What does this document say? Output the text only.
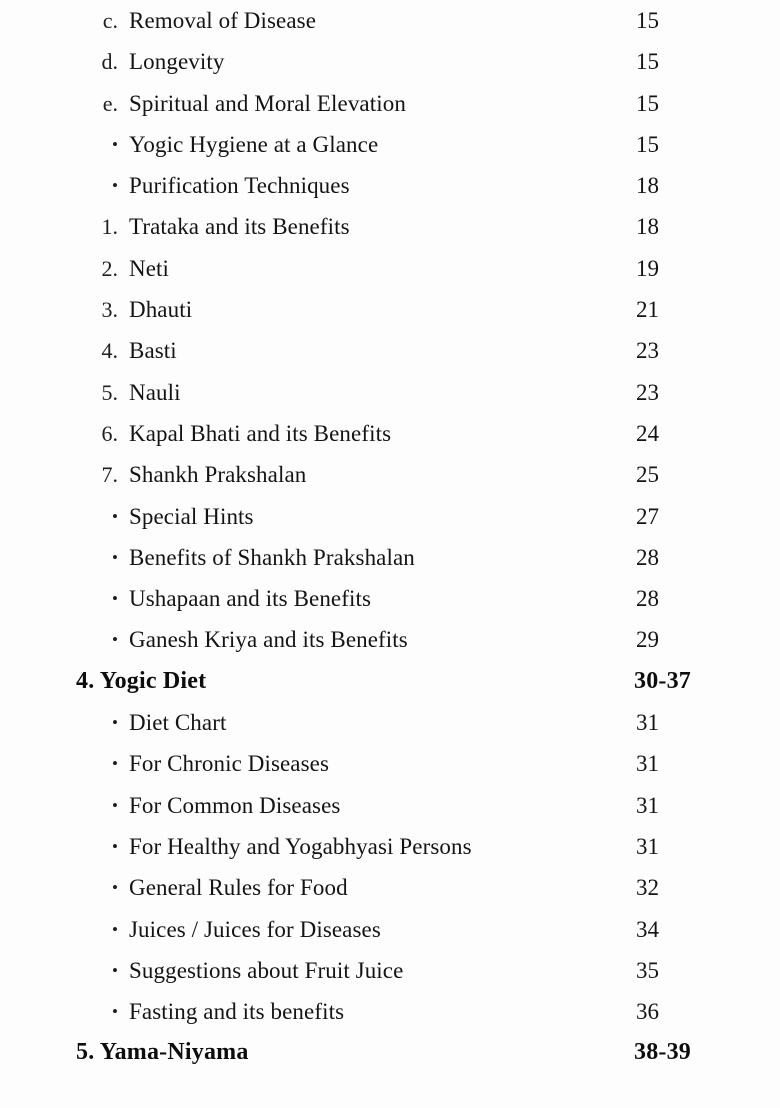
c. Removal of Disease	15
d. Longevity	15
e. Spiritual and Moral Elevation	15
• Yogic Hygiene at a Glance	15
• Purification Techniques	18
1. Trataka and its Benefits	18
2. Neti	19
3. Dhauti	21
4. Basti	23
5. Nauli	23
6. Kapal Bhati and its Benefits	24
7. Shankh Prakshalan	25
• Special Hints	27
• Benefits of Shankh Prakshalan	28
• Ushapaan and its Benefits	28
• Ganesh Kriya and its Benefits	29
4. Yogic Diet	30-37
• Diet Chart	31
• For Chronic Diseases	31
• For Common Diseases	31
• For Healthy and Yogabhyasi Persons	31
• General Rules for Food	32
• Juices / Juices for Diseases	34
• Suggestions about Fruit Juice	35
• Fasting and its benefits	36
5. Yama-Niyama	38-39
